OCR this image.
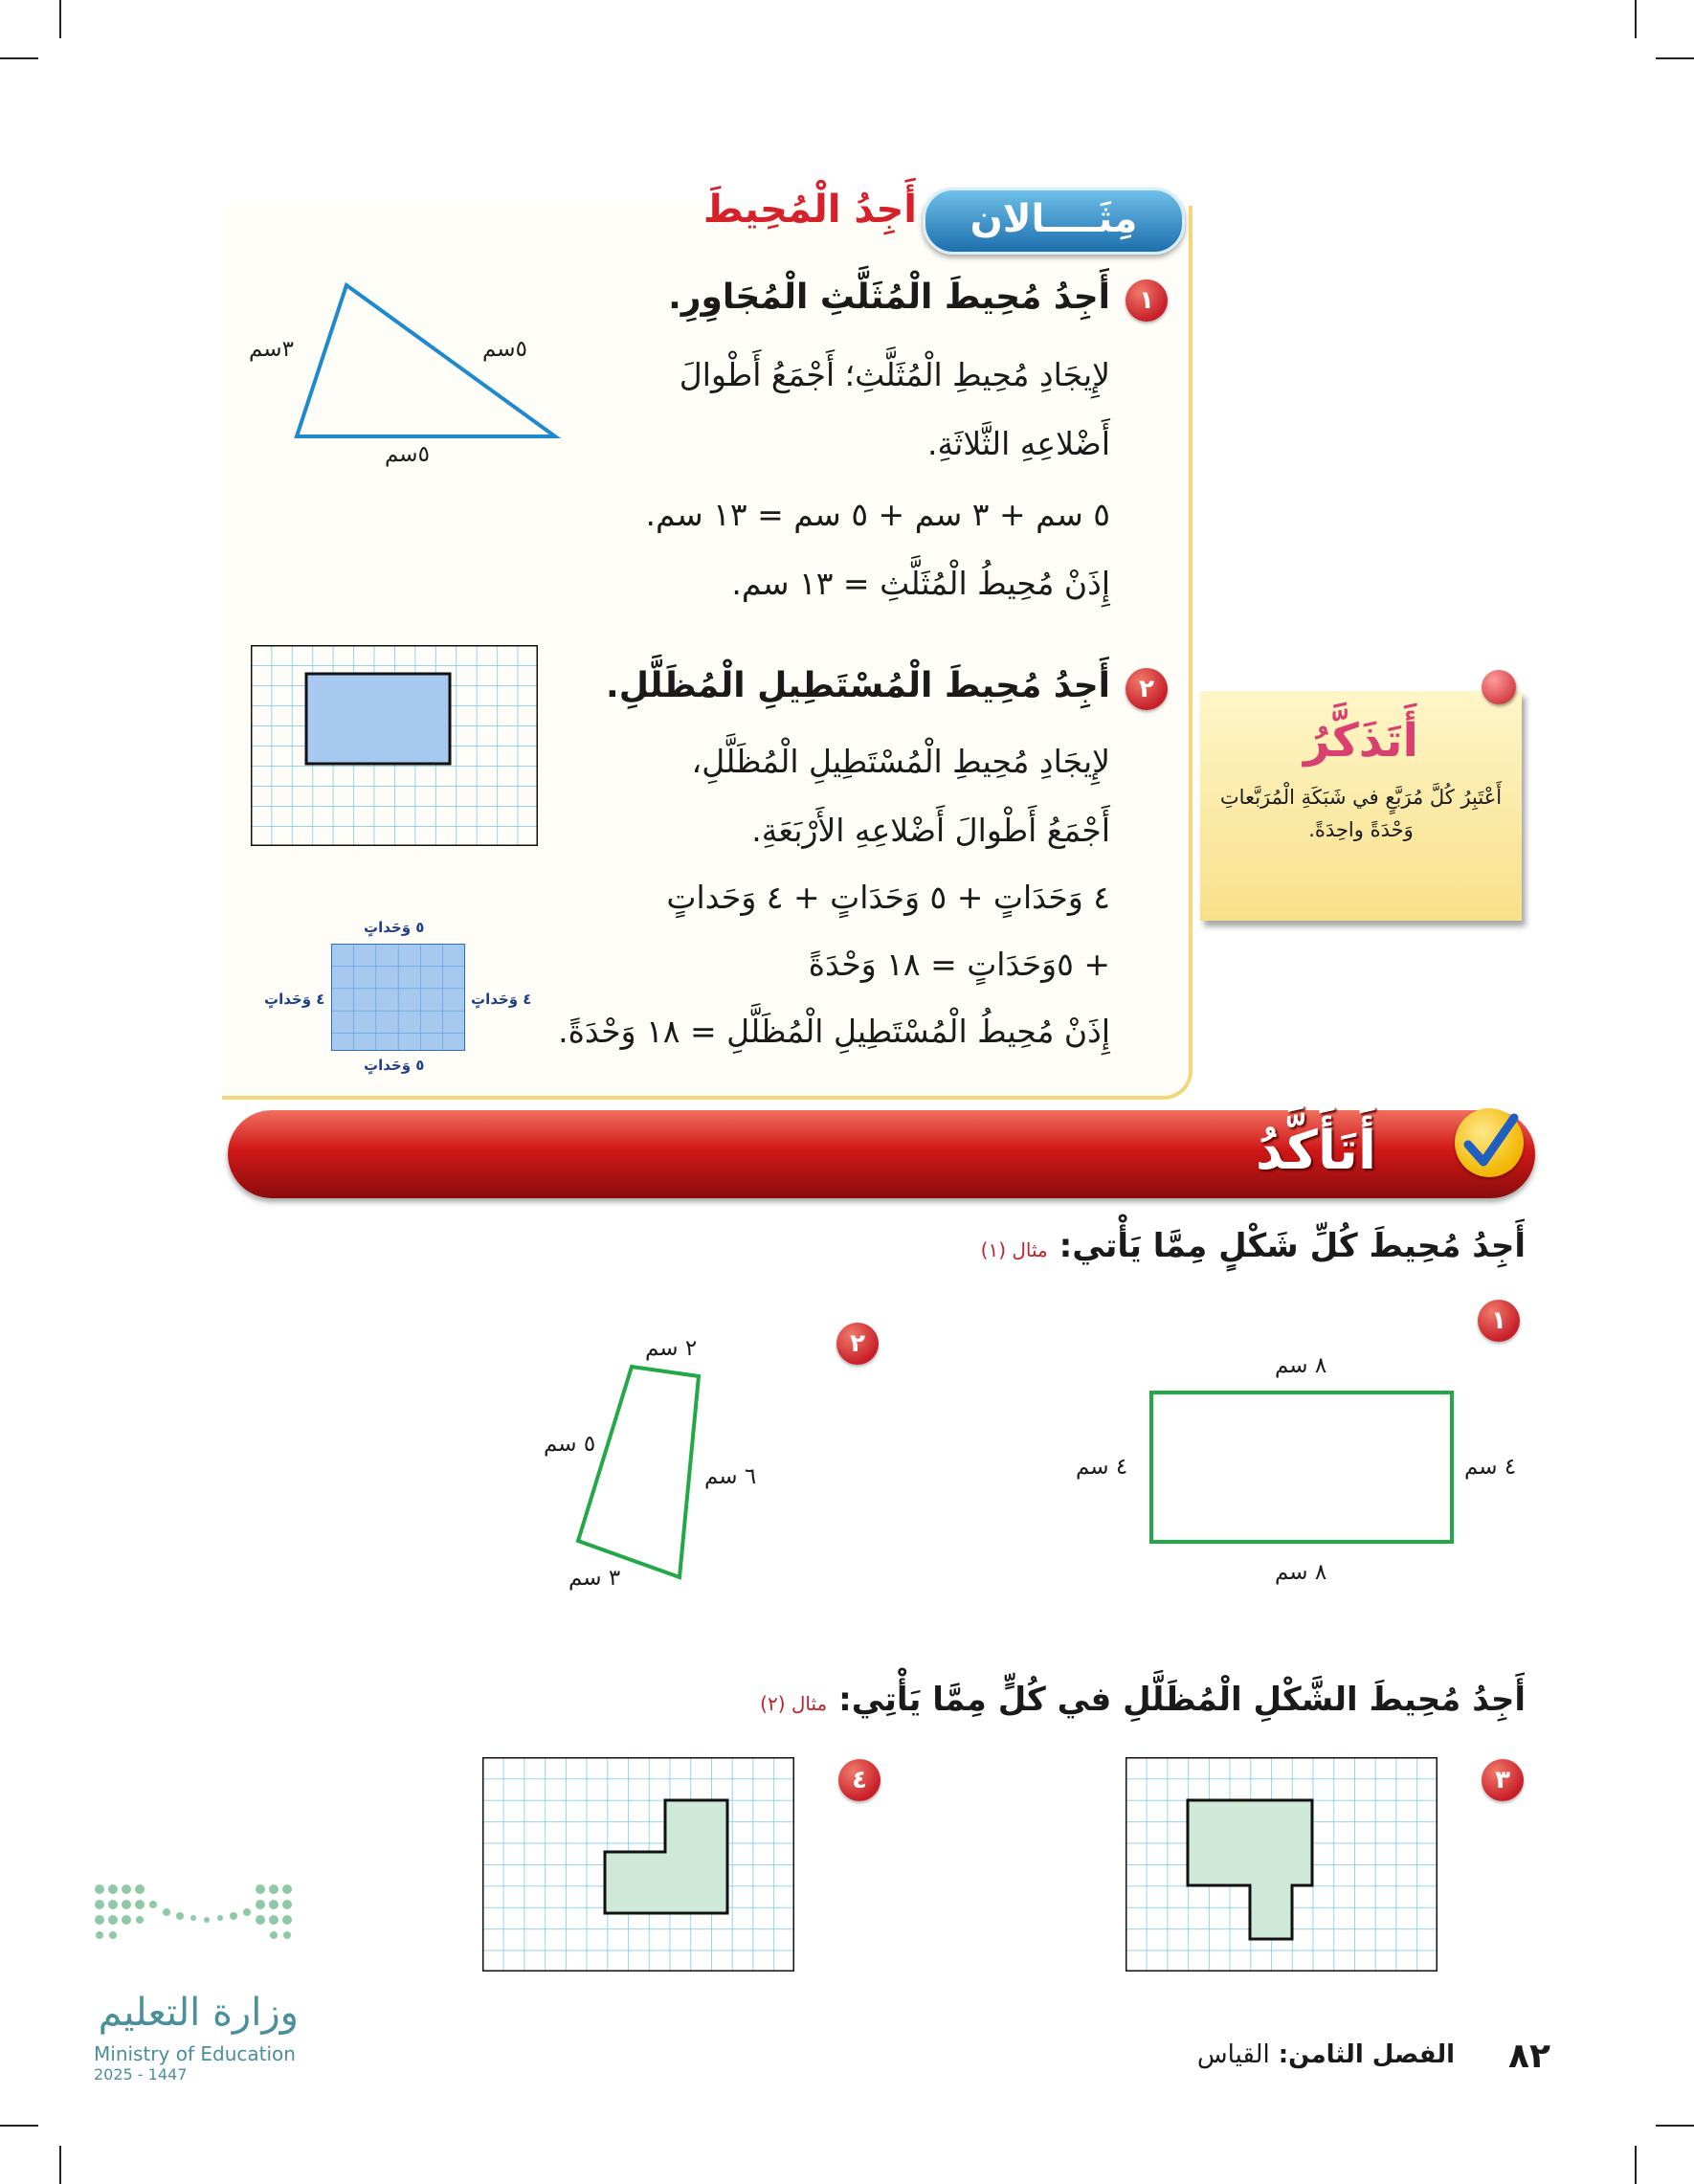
مِثَــــالان
أَجِدُ الْمُحِيطَ
١
أَجِدُ مُحِيطَ الْمُثَلَّثِ الْمُجَاوِرِ.
لإِيجَادِ مُحِيطِ الْمُثَلَّثِ؛ أَجْمَعُ أَطْوالَ
أَضْلاعِهِ الثَّلاثَةِ.
٥ سم + ٣ سم + ٥ سم = ١٣ سم.
إِذَنْ مُحِيطُ الْمُثَلَّثِ = ١٣ سم.
٣سم	٥سم
٥سم
٢
أَجِدُ مُحِيطَ الْمُسْتَطِيلِ الْمُظَلَّلِ.
لإِيجَادِ مُحِيطِ الْمُسْتَطِيلِ الْمُظَلَّلِ،
أَجْمَعُ أَطْوالَ أَضْلاعِهِ الأَرْبَعَةِ.
٤ وَحَدَاتٍ + ٥ وَحَدَاتٍ + ٤ وَحَداتٍ
+ ٥وَحَدَاتٍ = ١٨ وَحْدَةً
إِذَنْ مُحِيطُ الْمُسْتَطِيلِ الْمُظَلَّلِ = ١٨ وَحْدَةً.
٥ وَحَداتٍ
٥ وَحَداتٍ
٤ وَحَداتٍ	٤ وَحَداتٍ
أَتَذَكَّرُ
أَعْتَبِرُ كُلَّ مُرَبَّعٍ في شَبَكَةِ الْمُرَبَّعاتِ وَحْدَةً واحِدَةً.
أَتَأَكَّدُ
أَجِدُ مُحِيطَ كُلِّ شَكْلٍ مِمَّا يَأْتي: مثال (١)
١
٨ سم
٨ سم
٤ سم	٤ سم
٢
٢ سم
٥ سم
٦ سم
٣ سم
أَجِدُ مُحِيطَ الشَّكْلِ الْمُظَلَّلِ في كُلٍّ مِمَّا يَأْتِي: مثال (٢)
٣
٤
وزارة التعليم
Ministry of Education
2025 - 1447	٨٢
الفصل الثامن: القياس
